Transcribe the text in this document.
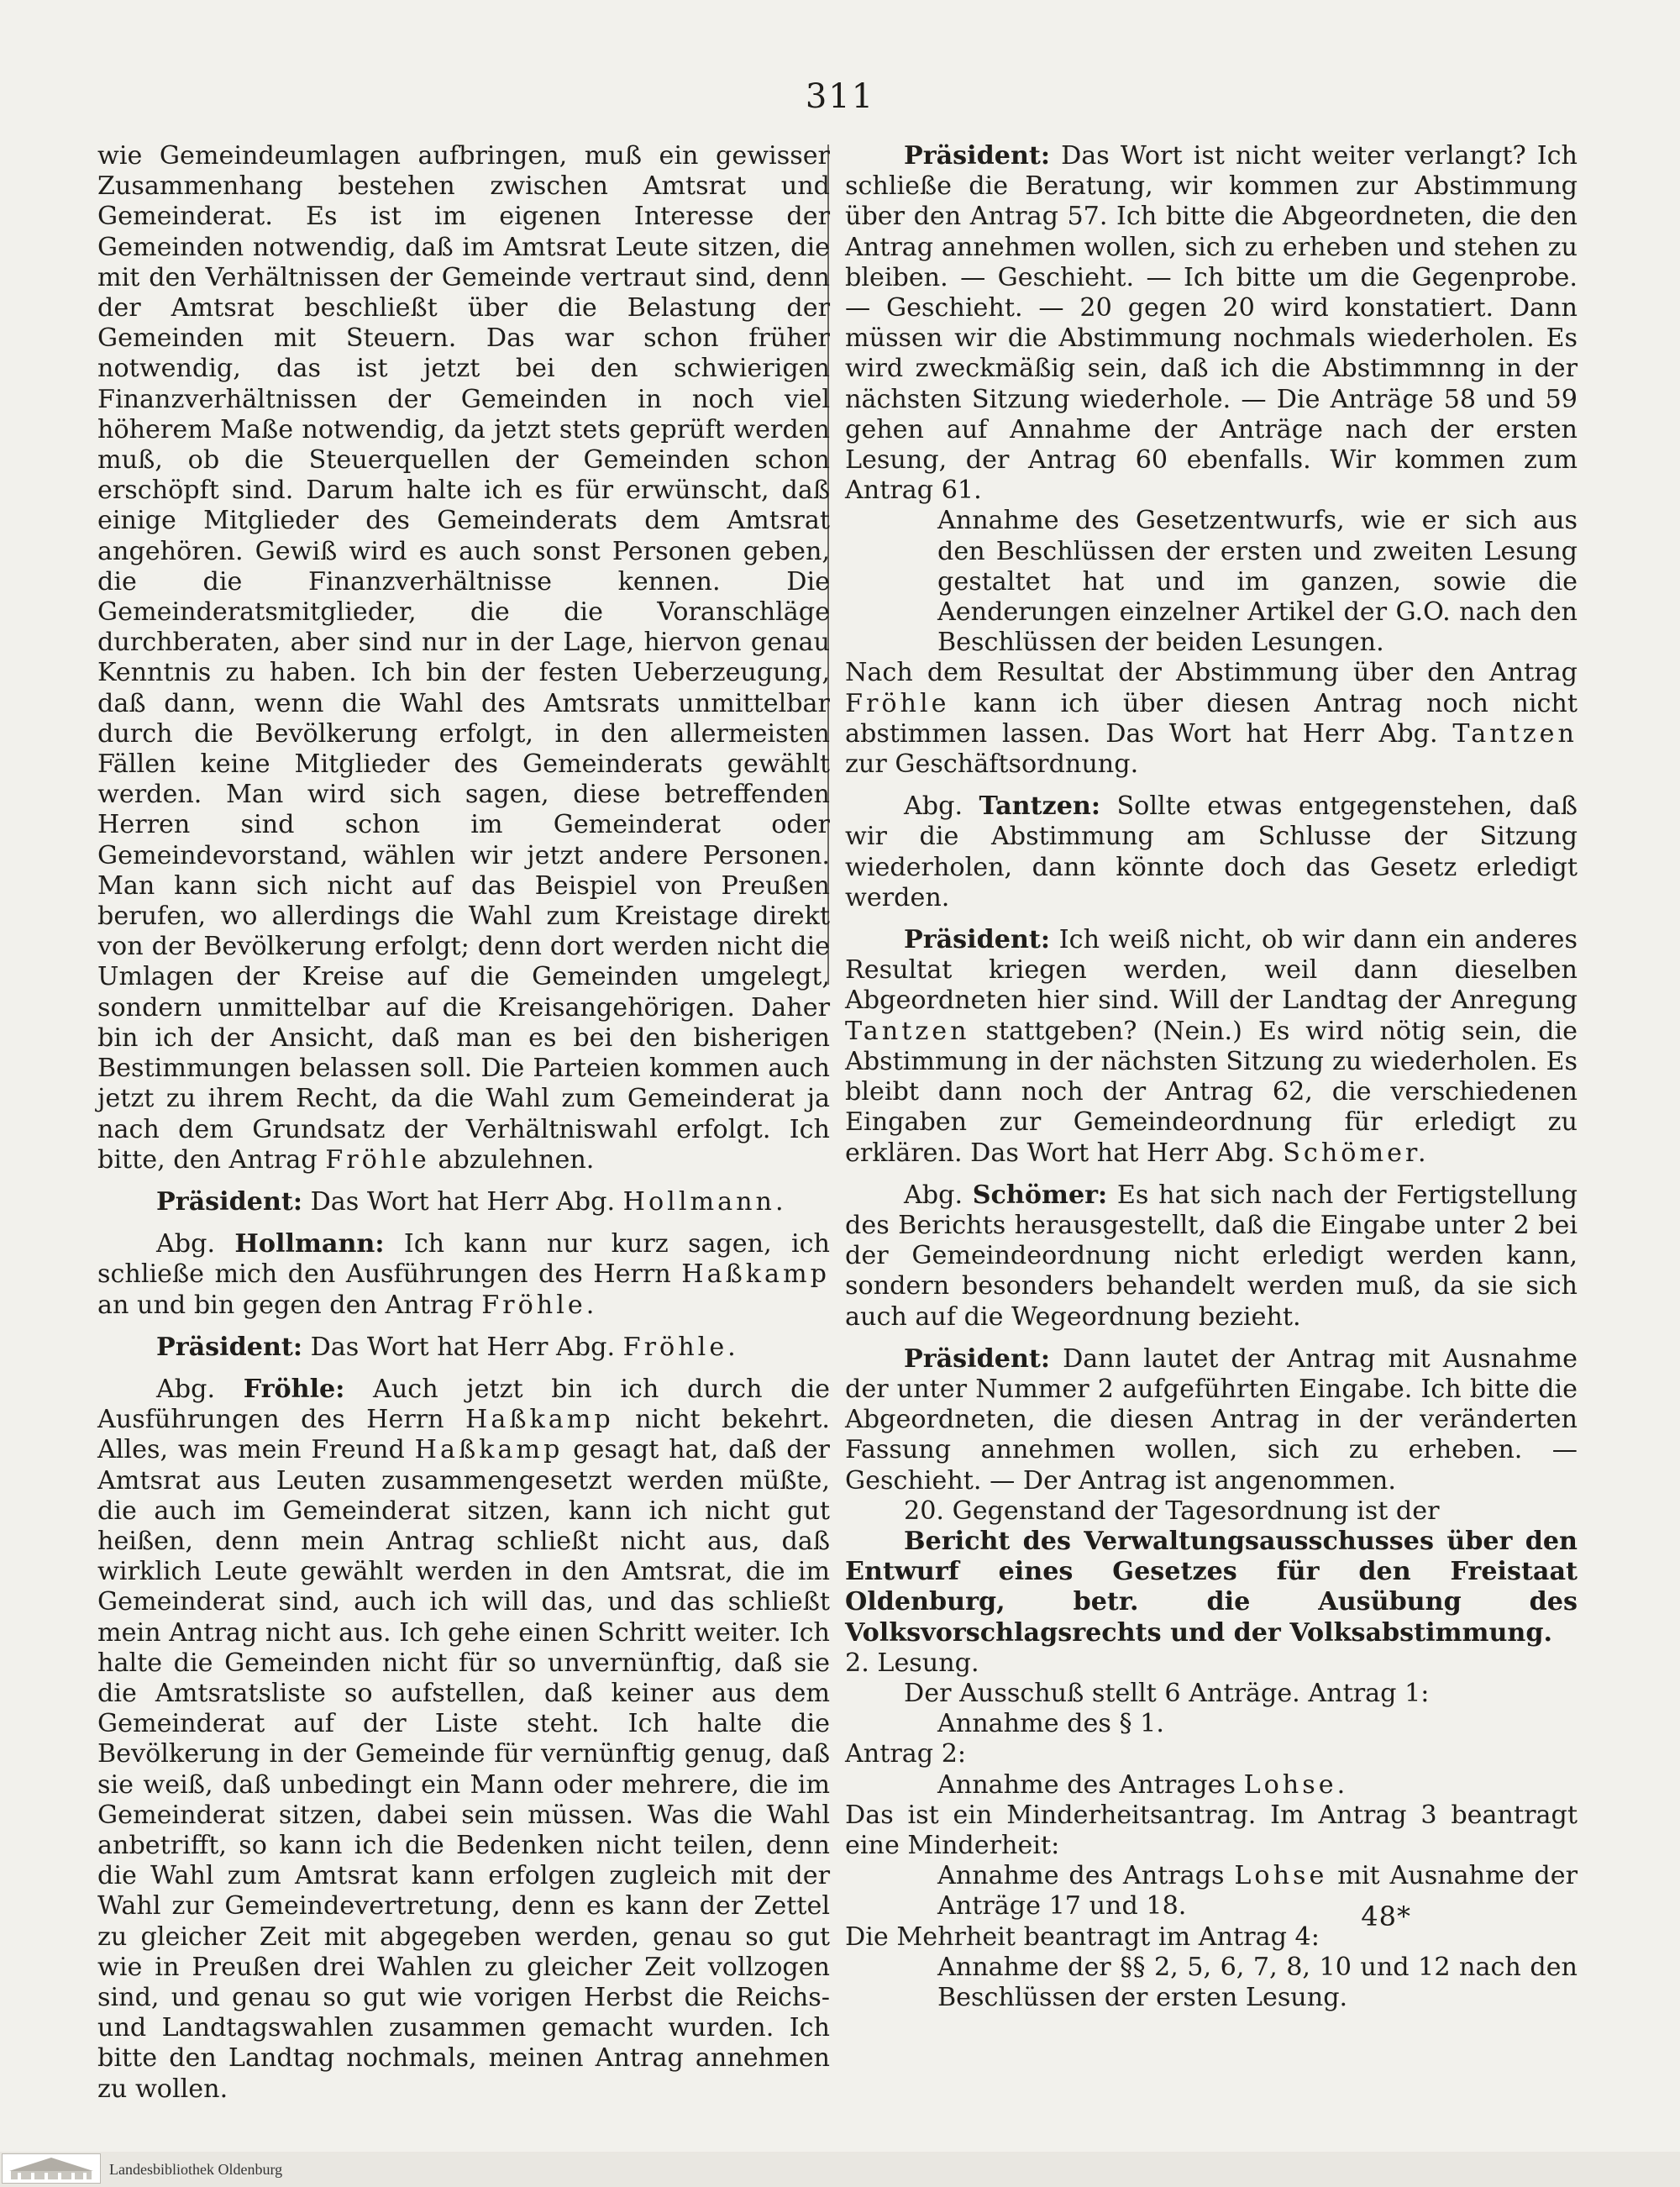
311

wie Gemeindeumlagen aufbringen, muß ein gewisser Zusammenhang bestehen zwischen Amtsrat und Gemeinderat. Es ist im eigenen Interesse der Gemeinden notwendig, daß im Amtsrat Leute sitzen, die mit den Verhältnissen der Gemeinde vertraut sind, denn der Amtsrat beschließt über die Belastung der Gemeinden mit Steuern. Das war schon früher notwendig, das ist jetzt bei den schwierigen Finanzverhältnissen der Gemeinden in noch viel höherem Maße notwendig, da jetzt stets geprüft werden muß, ob die Steuerquellen der Gemeinden schon erschöpft sind. Darum halte ich es für erwünscht, daß einige Mitglieder des Gemeinderats dem Amtsrat angehören. Gewiß wird es auch sonst Personen geben, die die Finanzverhältnisse kennen. Die Gemeinderatsmitglieder, die die Voranschläge durchberaten, aber sind nur in der Lage, hiervon genau Kenntnis zu haben. Ich bin der festen Ueberzeugung, daß dann, wenn die Wahl des Amtsrats unmittelbar durch die Bevölkerung erfolgt, in den allermeisten Fällen keine Mitglieder des Gemeinderats gewählt werden. Man wird sich sagen, diese betreffenden Herren sind schon im Gemeinderat oder Gemeindevorstand, wählen wir jetzt andere Personen. Man kann sich nicht auf das Beispiel von Preußen berufen, wo allerdings die Wahl zum Kreistage direkt von der Bevölkerung erfolgt; denn dort werden nicht die Umlagen der Kreise auf die Gemeinden umgelegt, sondern unmittelbar auf die Kreisangehörigen. Daher bin ich der Ansicht, daß man es bei den bisherigen Bestimmungen belassen soll. Die Parteien kommen auch jetzt zu ihrem Recht, da die Wahl zum Gemeinderat ja nach dem Grundsatz der Verhältniswahl erfolgt. Ich bitte, den Antrag Fröhle abzulehnen.

Präsident: Das Wort hat Herr Abg. Hollmann.

Abg. Hollmann: Ich kann nur kurz sagen, ich schließe mich den Ausführungen des Herrn Haßkamp an und bin gegen den Antrag Fröhle.

Präsident: Das Wort hat Herr Abg. Fröhle.

Abg. Fröhle: Auch jetzt bin ich durch die Ausführungen des Herrn Haßkamp nicht bekehrt. Alles, was mein Freund Haßkamp gesagt hat, daß der Amtsrat aus Leuten zusammengesetzt werden müßte, die auch im Gemeinderat sitzen, kann ich nicht gut heißen, denn mein Antrag schließt nicht aus, daß wirklich Leute gewählt werden in den Amtsrat, die im Gemeinderat sind, auch ich will das, und das schließt mein Antrag nicht aus. Ich gehe einen Schritt weiter. Ich halte die Gemeinden nicht für so unvernünftig, daß sie die Amtsratsliste so aufstellen, daß keiner aus dem Gemeinderat auf der Liste steht. Ich halte die Bevölkerung in der Gemeinde für vernünftig genug, daß sie weiß, daß unbedingt ein Mann oder mehrere, die im Gemeinderat sitzen, dabei sein müssen. Was die Wahl anbetrifft, so kann ich die Bedenken nicht teilen, denn die Wahl zum Amtsrat kann erfolgen zugleich mit der Wahl zur Gemeindevertretung, denn es kann der Zettel zu gleicher Zeit mit abgegeben werden, genau so gut wie in Preußen drei Wahlen zu gleicher Zeit vollzogen sind, und genau so gut wie vorigen Herbst die Reichs- und Landtagswahlen zusammen gemacht wurden. Ich bitte den Landtag nochmals, meinen Antrag annehmen zu wollen.

Präsident: Das Wort ist nicht weiter verlangt? Ich schließe die Beratung, wir kommen zur Abstimmung über den Antrag 57. Ich bitte die Abgeordneten, die den Antrag annehmen wollen, sich zu erheben und stehen zu bleiben. — Geschieht. — Ich bitte um die Gegenprobe. — Geschieht. — 20 gegen 20 wird konstatiert. Dann müssen wir die Abstimmung nochmals wiederholen. Es wird zweckmäßig sein, daß ich die Abstimmnng in der nächsten Sitzung wiederhole. — Die Anträge 58 und 59 gehen auf Annahme der Anträge nach der ersten Lesung, der Antrag 60 ebenfalls. Wir kommen zum Antrag 61.

Annahme des Gesetzentwurfs, wie er sich aus den Beschlüssen der ersten und zweiten Lesung gestaltet hat und im ganzen, sowie die Aenderungen einzelner Artikel der G.O. nach den Beschlüssen der beiden Lesungen.

Nach dem Resultat der Abstimmung über den Antrag Fröhle kann ich über diesen Antrag noch nicht abstimmen lassen. Das Wort hat Herr Abg. Tantzen zur Geschäftsordnung.

Abg. Tantzen: Sollte etwas entgegenstehen, daß wir die Abstimmung am Schlusse der Sitzung wiederholen, dann könnte doch das Gesetz erledigt werden.

Präsident: Ich weiß nicht, ob wir dann ein anderes Resultat kriegen werden, weil dann dieselben Abgeordneten hier sind. Will der Landtag der Anregung Tantzen stattgeben? (Nein.) Es wird nötig sein, die Abstimmung in der nächsten Sitzung zu wiederholen. Es bleibt dann noch der Antrag 62, die verschiedenen Eingaben zur Gemeindeordnung für erledigt zu erklären. Das Wort hat Herr Abg. Schömer.

Abg. Schömer: Es hat sich nach der Fertigstellung des Berichts herausgestellt, daß die Eingabe unter 2 bei der Gemeindeordnung nicht erledigt werden kann, sondern besonders behandelt werden muß, da sie sich auch auf die Wegeordnung bezieht.

Präsident: Dann lautet der Antrag mit Ausnahme der unter Nummer 2 aufgeführten Eingabe. Ich bitte die Abgeordneten, die diesen Antrag in der veränderten Fassung annehmen wollen, sich zu erheben. — Geschieht. — Der Antrag ist angenommen.

20. Gegenstand der Tagesordnung ist der

Bericht des Verwaltungsausschusses über den Entwurf eines Gesetzes für den Freistaat Oldenburg, betr. die Ausübung des Volksvorschlagsrechts und der Volksabstimmung.

2. Lesung.

Der Ausschuß stellt 6 Anträge. Antrag 1:

Annahme des § 1.

Antrag 2:

Annahme des Antrages Lohse.

Das ist ein Minderheitsantrag. Im Antrag 3 beantragt eine Minderheit:

Annahme des Antrags Lohse mit Ausnahme der Anträge 17 und 18.

Die Mehrheit beantragt im Antrag 4:

Annahme der §§ 2, 5, 6, 7, 8, 10 und 12 nach den Beschlüssen der ersten Lesung.

48*
Landesbibliothek Oldenburg
